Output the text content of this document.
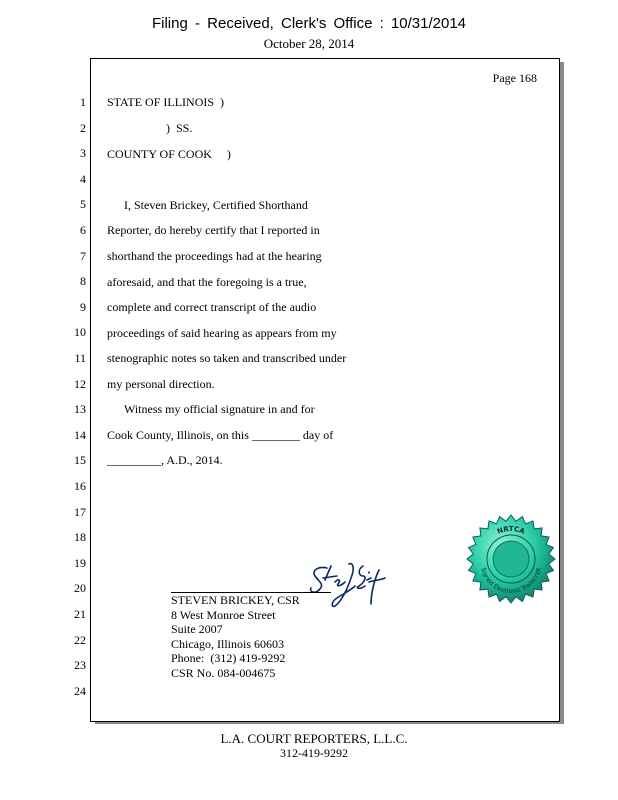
Filing - Received, Clerk's Office : 10/31/2014
October 28, 2014
Page 168
1
2
3
4
5
6
7
8
9
10
11
12
13
14
15
16
17
18
19
20
21
22
23
24
STATE OF ILLINOIS  )
)  SS.
COUNTY OF COOK     )
I, Steven Brickey, Certified Shorthand
Reporter, do hereby certify that I reported in
shorthand the proceedings had at the hearing
aforesaid, and that the foregoing is a true,
complete and correct transcript of the audio
proceedings of said hearing as appears from my
stenographic notes so taken and transcribed under
my personal direction.
Witness my official signature in and for
Cook County, Illinois, on this ________ day of
_________, A.D., 2014.
STEVEN BRICKEY, CSR
8 West Monroe Street
Suite 2007
Chicago, Illinois 60603
Phone:  (312) 419-9292
CSR No. 084-004675
NRTCA
Signed Electronic Transcript
L.A. COURT REPORTERS, L.L.C.
312-419-9292
